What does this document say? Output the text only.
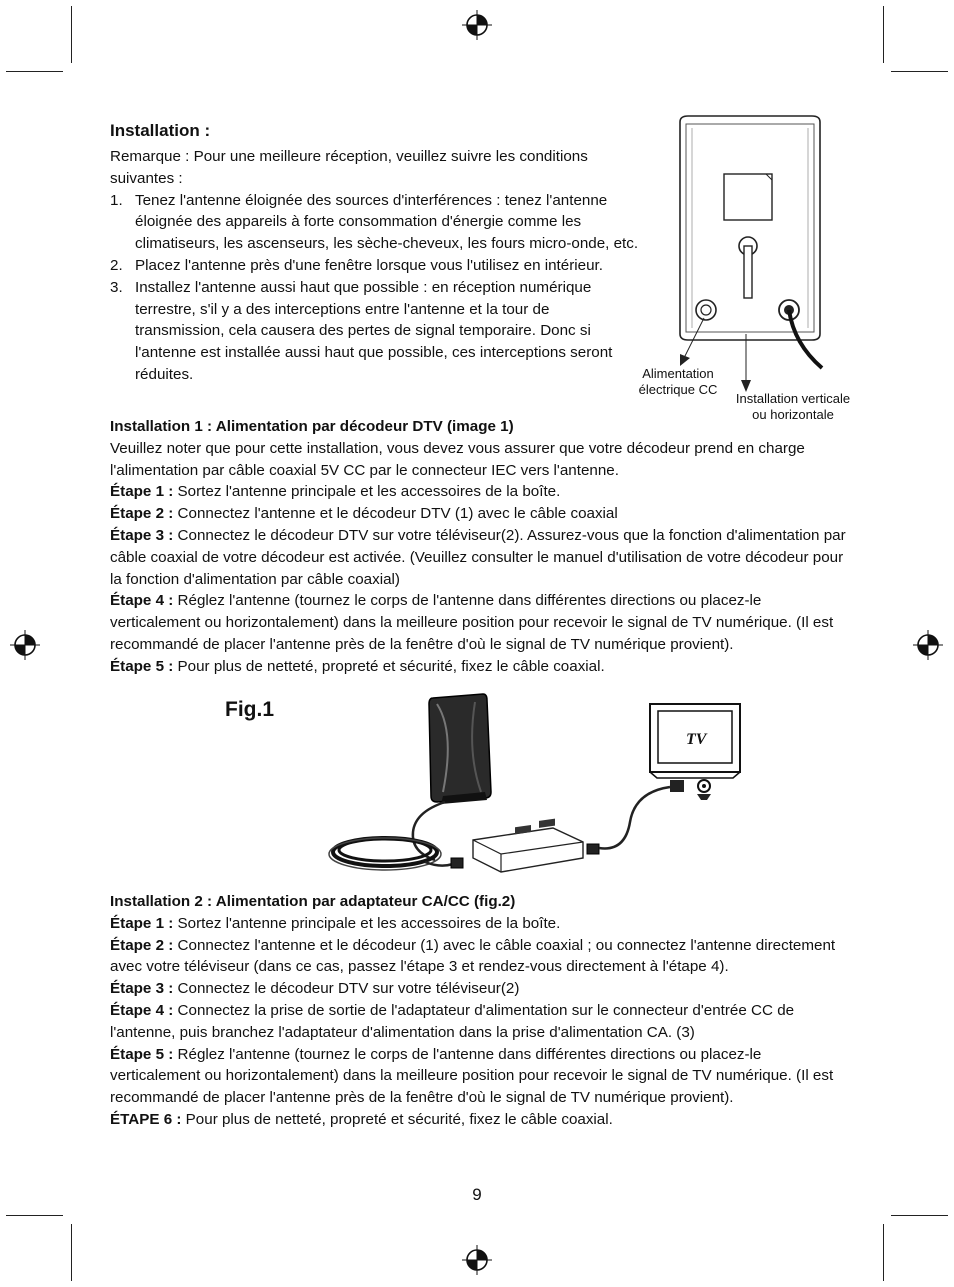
Installation :
Remarque : Pour une meilleure réception, veuillez suivre les conditions suivantes :
1. Tenez l'antenne éloignée des sources d'interférences : tenez l'antenne éloignée des appareils à forte consommation d'énergie comme les climatiseurs, les ascenseurs, les sèche-cheveux, les fours micro-onde, etc.
2. Placez l'antenne près d'une fenêtre lorsque vous l'utilisez en intérieur.
3. Installez l'antenne aussi haut que possible : en réception numérique terrestre, s'il y a des interceptions entre l'antenne et la tour de transmission, cela causera des pertes de signal temporaire. Donc si l'antenne est installée aussi haut que possible, ces interceptions seront réduites.	Alimentation
électrique CC
Installation verticale
ou horizontale

Installation 1 : Alimentation par décodeur DTV (image 1)

Veuillez noter que pour cette installation, vous devez vous assurer que votre décodeur prend en charge l'alimentation par câble coaxial 5V CC par le connecteur IEC vers l'antenne.

Étape 1 : Sortez l'antenne principale et les accessoires de la boîte.

Étape 2 : Connectez l'antenne et le décodeur DTV (1) avec le câble coaxial

Étape 3 : Connectez le décodeur DTV sur votre téléviseur(2). Assurez-vous que la fonction d'alimentation par câble coaxial de votre décodeur est activée. (Veuillez consulter le manuel d'utilisation de votre décodeur pour la fonction d'alimentation par câble coaxial)

Étape 4 : Réglez l'antenne (tournez le corps de l'antenne dans différentes directions ou placez-le verticalement ou horizontalement) dans la meilleure position pour recevoir le signal de TV numérique. (Il est recommandé de placer l'antenne près de la fenêtre d'où le signal de TV numérique provient).

Étape 5 : Pour plus de netteté, propreté et sécurité, fixez le câble coaxial.

Fig.1
TV

Installation 2 : Alimentation par adaptateur CA/CC (fig.2)

Étape 1 : Sortez l'antenne principale et les accessoires de la boîte.

Étape 2 : Connectez l'antenne et le décodeur (1) avec le câble coaxial ; ou connectez l'antenne directement avec votre téléviseur (dans ce cas, passez l'étape 3 et rendez-vous directement à l'étape 4).

Étape 3 : Connectez le décodeur DTV sur votre téléviseur(2)

Étape 4 : Connectez la prise de sortie de l'adaptateur d'alimentation sur le connecteur d'entrée CC de l'antenne, puis branchez l'adaptateur d'alimentation dans la prise d'alimentation CA. (3)

Étape 5 : Réglez l'antenne (tournez le corps de l'antenne dans différentes directions ou placez-le verticalement ou horizontalement) dans la meilleure position pour recevoir le signal de TV numérique. (Il est recommandé de placer l'antenne près de la fenêtre d'où le signal de TV numérique provient).

ÉTAPE 6 : Pour plus de netteté, propreté et sécurité, fixez le câble coaxial.

9
